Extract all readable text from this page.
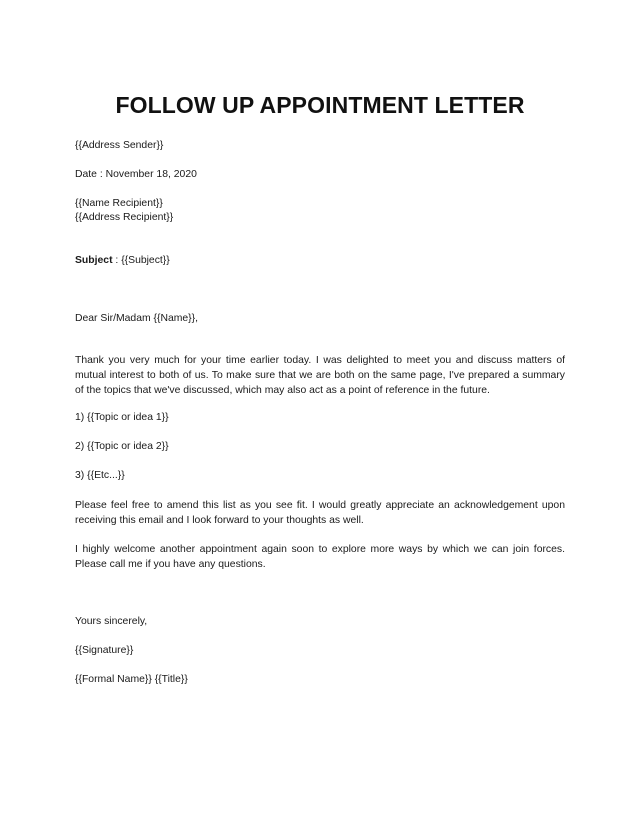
FOLLOW UP APPOINTMENT LETTER
{{Address Sender}}
Date : November 18, 2020
{{Name Recipient}}
{{Address Recipient}}
Subject : {{Subject}}
Dear Sir/Madam {{Name}},
Thank you very much for your time earlier today. I was delighted to meet you and discuss matters of mutual interest to both of us. To make sure that we are both on the same page, I've prepared a summary of the topics that we've discussed, which may also act as a point of reference in the future.
1) {{Topic or idea 1}}
2) {{Topic or idea 2}}
3) {{Etc...}}
Please feel free to amend this list as you see fit. I would greatly appreciate an acknowledgement upon receiving this email and I look forward to your thoughts as well.
I highly welcome another appointment again soon to explore more ways by which we can join forces. Please call me if you have any questions.
Yours sincerely,
{{Signature}}
{{Formal Name}} {{Title}}
